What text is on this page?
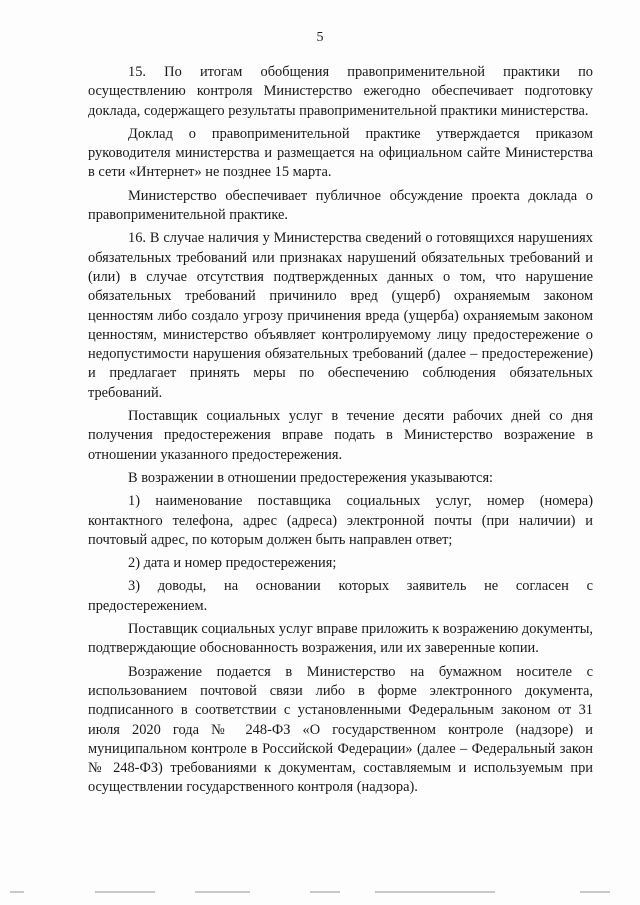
5

15. По итогам обобщения правоприменительной практики по осуществлению контроля Министерство ежегодно обеспечивает подготовку доклада, содержащего результаты правоприменительной практики министерства.

Доклад о правоприменительной практике утверждается приказом руководителя министерства и размещается на официальном сайте Министерства в сети «Интернет» не позднее 15 марта.

Министерство обеспечивает публичное обсуждение проекта доклада о правоприменительной практике.

16. В случае наличия у Министерства сведений о готовящихся нарушениях обязательных требований или признаках нарушений обязательных требований и (или) в случае отсутствия подтвержденных данных о том, что нарушение обязательных требований причинило вред (ущерб) охраняемым законом ценностям либо создало угрозу причинения вреда (ущерба) охраняемым законом ценностям, министерство объявляет контролируемому лицу предостережение о недопустимости нарушения обязательных требований (далее – предостережение) и предлагает принять меры по обеспечению соблюдения обязательных требований.

Поставщик социальных услуг в течение десяти рабочих дней со дня получения предостережения вправе подать в Министерство возражение в отношении указанного предостережения.

В возражении в отношении предостережения указываются:

1) наименование поставщика социальных услуг, номер (номера) контактного телефона, адрес (адреса) электронной почты (при наличии) и почтовый адрес, по которым должен быть направлен ответ;

2) дата и номер предостережения;

3) доводы, на основании которых заявитель не согласен с предостережением.

Поставщик социальных услуг вправе приложить к возражению документы, подтверждающие обоснованность возражения, или их заверенные копии.

Возражение подается в Министерство на бумажном носителе с использованием почтовой связи либо в форме электронного документа, подписанного в соответствии с установленными Федеральным законом от 31 июля 2020 года № 248-ФЗ «О государственном контроле (надзоре) и муниципальном контроле в Российской Федерации» (далее – Федеральный закон № 248-ФЗ) требованиями к документам, составляемым и используемым при осуществлении государственного контроля (надзора).
